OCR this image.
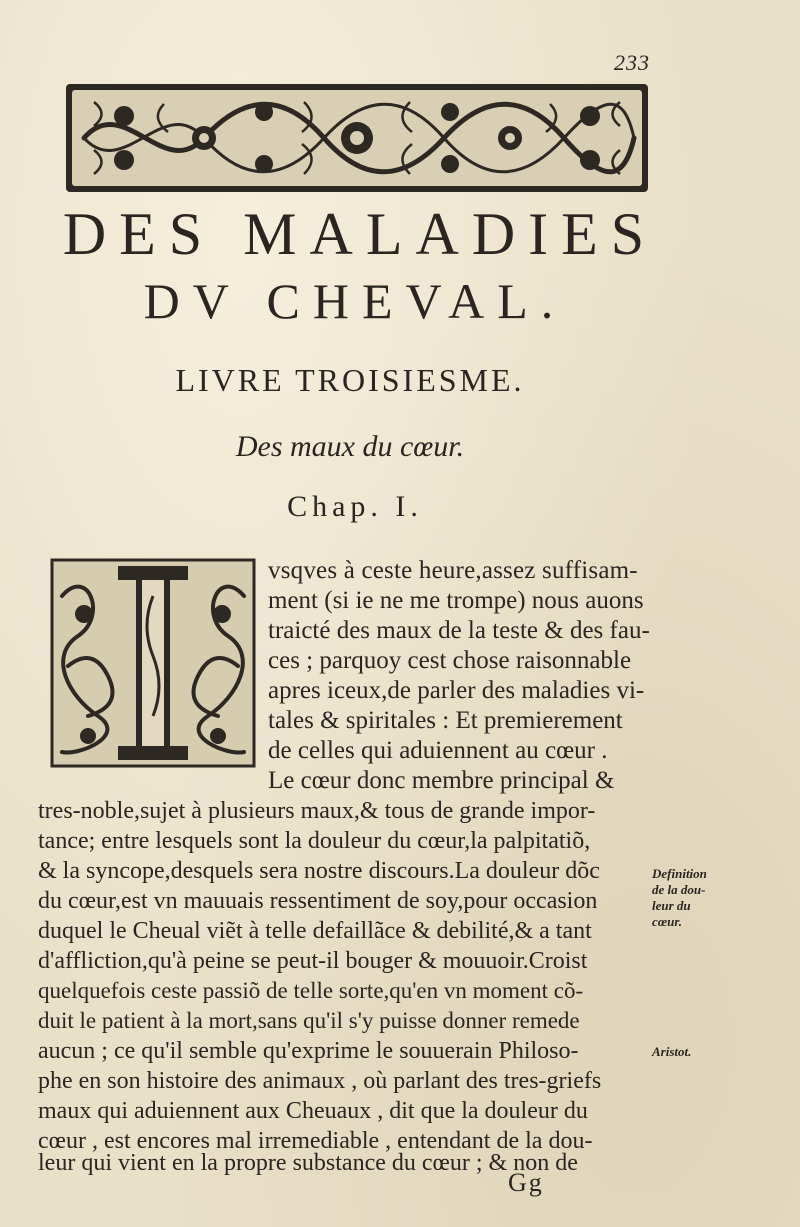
233
DES MALADIES
DV CHEVAL.
LIVRE TROISIESME.
Des maux du cœur.
Chap. I.
vsqves à ceste heure,assez suffisam-
ment (si ie ne me trompe) nous auons
traicté des maux de la teste & des fau-
ces ; parquoy cest chose raisonnable
apres iceux,de parler des maladies vi-
tales & spiritales : Et premierement
de celles qui aduiennent au cœur .
Le cœur donc membre principal &
tres-noble,sujet à plusieurs maux,& tous de grande impor-
tance; entre lesquels sont la douleur du cœur,la palpitatiõ,
& la syncope,desquels sera nostre discours.La douleur dõc
du cœur,est vn mauuais ressentiment de soy,pour occasion
duquel le Cheual viẽt à telle defaillãce & debilité,& a tant
d'affliction,qu'à peine se peut-il bouger & mouuoir.Croist
quelquefois ceste passiõ de telle sorte,qu'en vn moment cõ-
duit le patient à la mort,sans qu'il s'y puisse donner remede
aucun ; ce qu'il semble qu'exprime le souuerain Philoso-
phe en son histoire des animaux , où parlant des tres-griefs
maux qui aduiennent aux Cheuaux , dit que la douleur du
cœur , est encores mal irremediable , entendant de la dou-
leur qui vient en la propre substance du cœur ; & non de
Definition
de la dou-
leur du
cœur.
Aristot.
Gg
